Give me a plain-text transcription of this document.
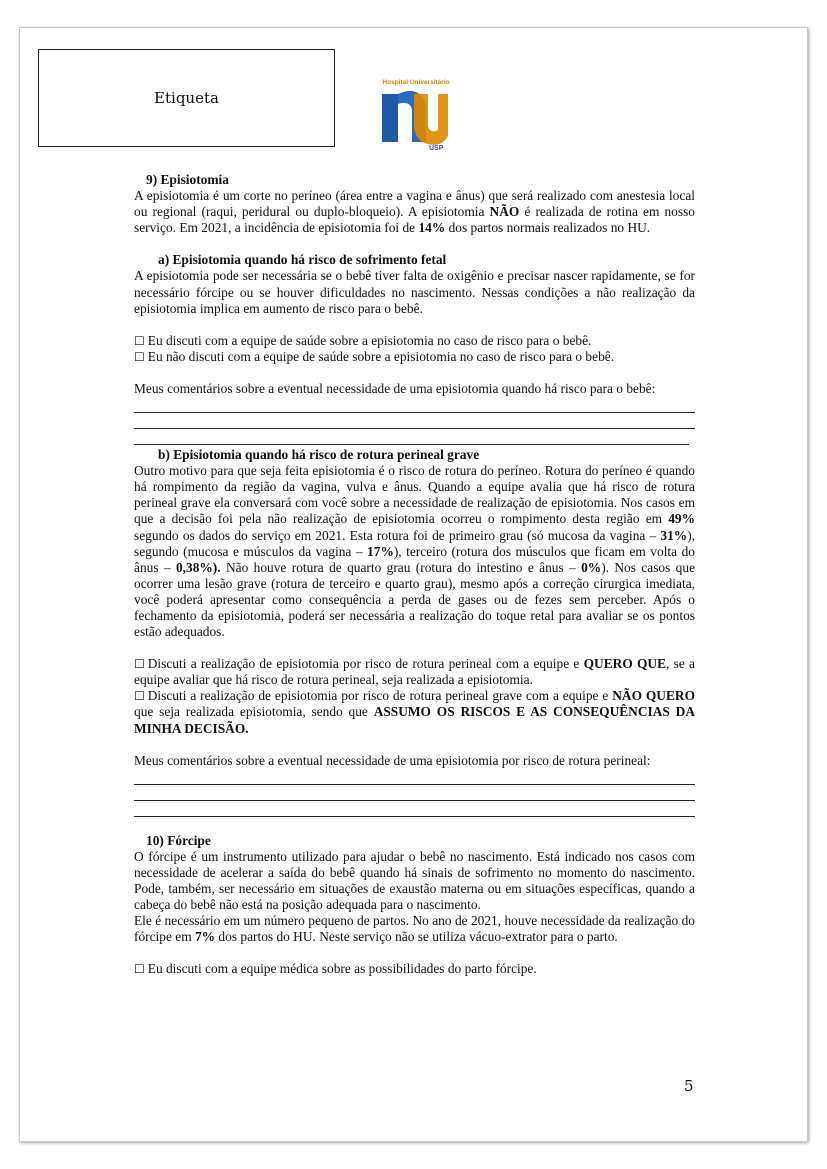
Etiqueta
Hospital Universitário
USP

9) Episiotomia

A episiotomia é um corte no períneo (área entre a vagina e ânus) que será realizado com anestesia local ou regional (raqui, peridural ou duplo-bloqueio). A episiotomia NÃO é realizada de rotina em nosso serviço. Em 2021, a incidência de episiotomia foi de 14% dos partos normais realizados no HU.

a) Episiotomia quando há risco de sofrimento fetal

A episiotomia pode ser necessária se o bebê tiver falta de oxigênio e precisar nascer rapidamente, se for necessário fórcipe ou se houver dificuldades no nascimento. Nessas condições a não realização da episiotomia implica em aumento de risco para o bebê.

☐ Eu discuti com a equipe de saúde sobre a episiotomia no caso de risco para o bebê.

☐ Eu não discuti com a equipe de saúde sobre a episiotomia no caso de risco para o bebê.

Meus comentários sobre a eventual necessidade de uma episiotomia quando há risco para o bebê:

b) Episiotomia quando há risco de rotura perineal grave

Outro motivo para que seja feita episiotomia é o risco de rotura do períneo. Rotura do períneo é quando há rompimento da região da vagina, vulva e ânus. Quando a equipe avalia que há risco de rotura perineal grave ela conversará com você sobre a necessidade de realização de episiotomia. Nos casos em que a decisão foi pela não realização de episiotomia ocorreu o rompimento desta região em 49% segundo os dados do serviço em 2021. Esta rotura foi de primeiro grau (só mucosa da vagina – 31%), segundo (mucosa e músculos da vagina – 17%), terceiro (rotura dos músculos que ficam em volta do ânus – 0,38%). Não houve rotura de quarto grau (rotura do intestino e ânus – 0%). Nos casos que ocorrer uma lesão grave (rotura de terceiro e quarto grau), mesmo após a correção cirurgica imediata, você poderá apresentar como consequência a perda de gases ou de fezes sem perceber. Após o fechamento da episiotomia, poderá ser necessária a realização do toque retal para avaliar se os pontos estão adequados.

☐ Discuti a realização de episiotomia por risco de rotura perineal com a equipe e QUERO QUE, se a equipe avaliar que há risco de rotura perineal, seja realizada a episiotomia.

☐ Discuti a realização de episiotomia por risco de rotura perineal grave com a equipe e NÃO QUERO que seja realizada episiotomia, sendo que ASSUMO OS RISCOS E AS CONSEQUÊNCIAS DA MINHA DECISÃO.

Meus comentários sobre a eventual necessidade de uma episiotomia por risco de rotura perineal:

10) Fórcipe

O fórcipe é um instrumento utilizado para ajudar o bebê no nascimento. Está indicado nos casos com necessidade de acelerar a saída do bebê quando há sinais de sofrimento no momento do nascimento. Pode, também, ser necessário em situações de exaustão materna ou em situações específicas, quando a cabeça do bebê não está na posição adequada para o nascimento.

Ele é necessário em um número pequeno de partos. No ano de 2021, houve necessidade da realização do fórcipe em 7% dos partos do HU. Neste serviço não se utiliza vácuo-extrator para o parto.

☐ Eu discuti com a equipe médica sobre as possibilidades do parto fórcipe.

5
